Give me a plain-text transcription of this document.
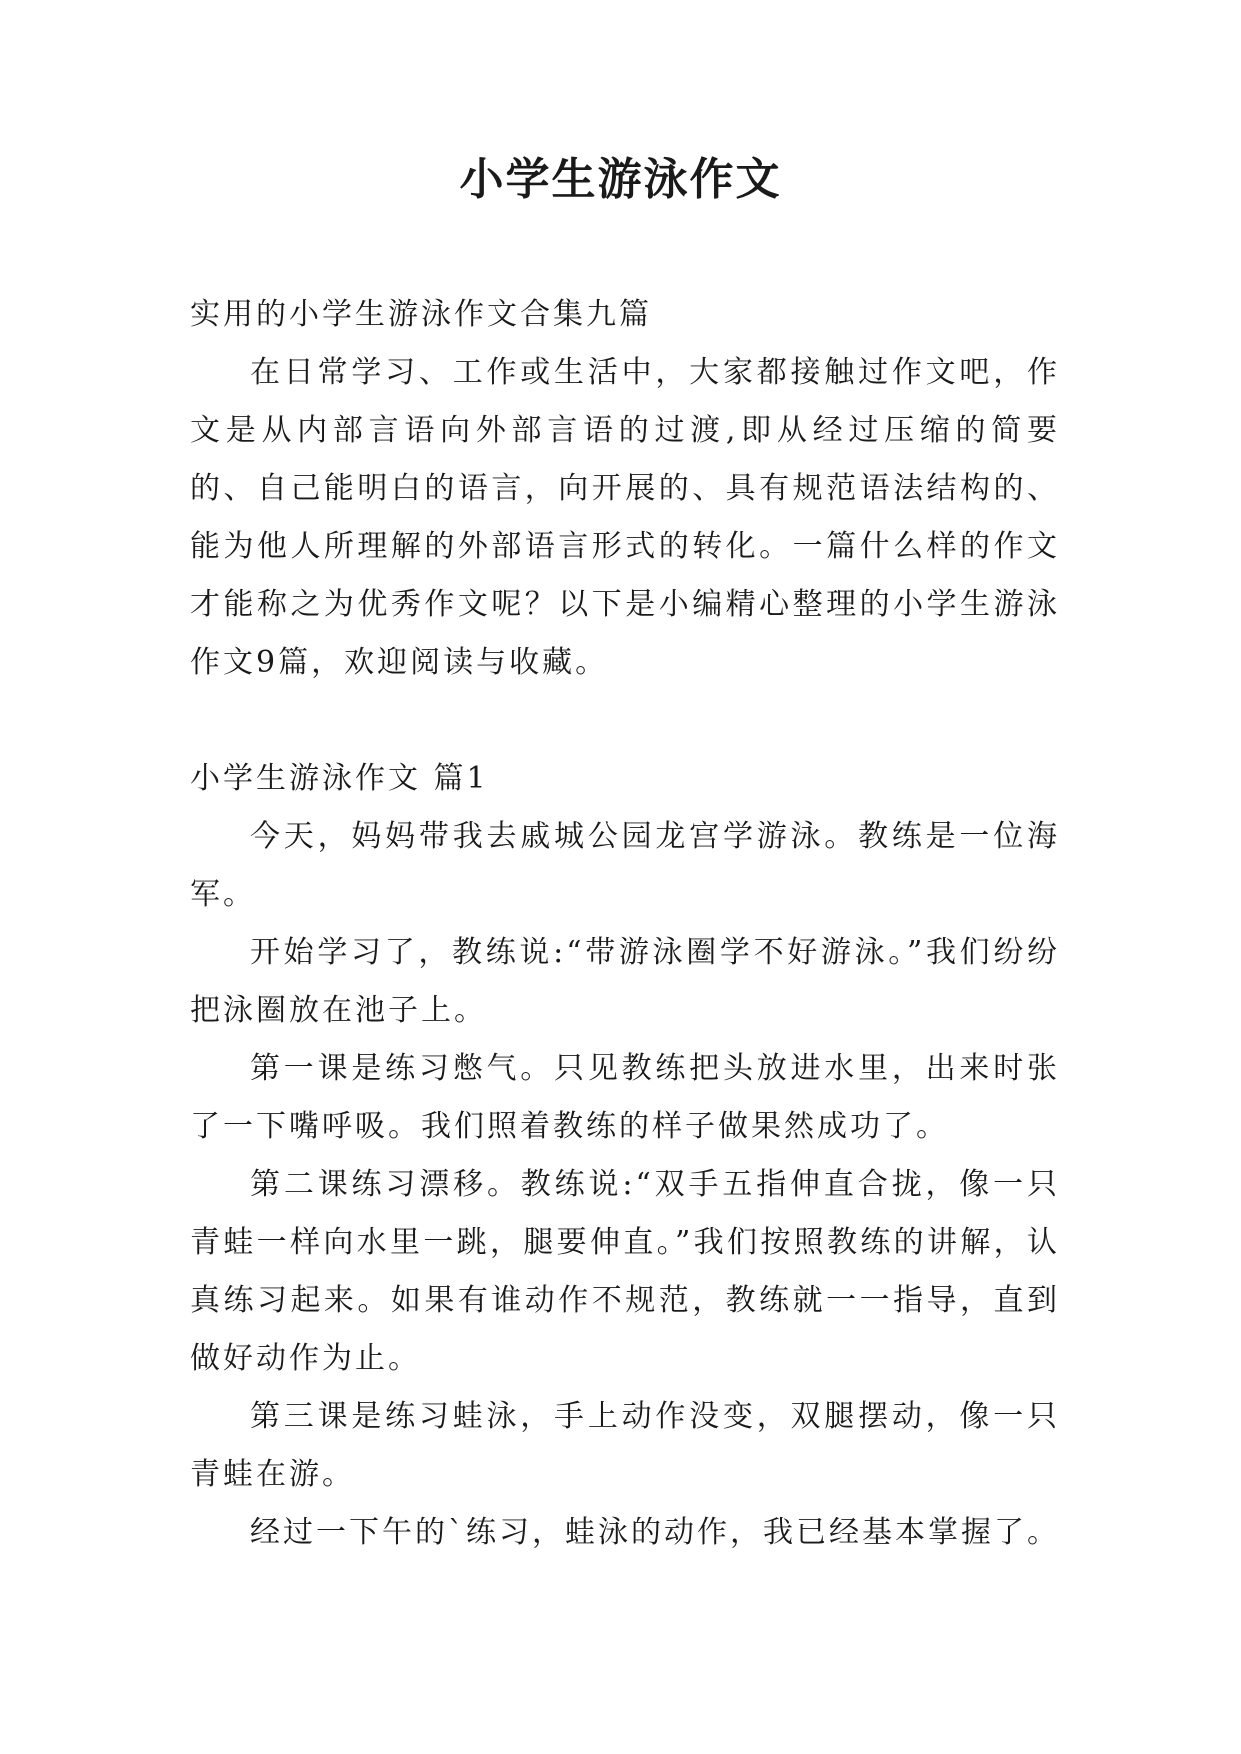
小学生游泳作文

实用的小学生游泳作文合集九篇

在日常学习、工作或生活中，大家都接触过作文吧，作文是从内部言语向外部言语的过渡,即从经过压缩的简要的、自己能明白的语言，向开展的、具有规范语法结构的、能为他人所理解的外部语言形式的转化。一篇什么样的作文才能称之为优秀作文呢？以下是小编精心整理的小学生游泳作文9篇，欢迎阅读与收藏。

小学生游泳作文 篇1

今天，妈妈带我去戚城公园龙宫学游泳。教练是一位海军。

开始学习了，教练说:“带游泳圈学不好游泳。”我们纷纷把泳圈放在池子上。

第一课是练习憋气。只见教练把头放进水里，出来时张了一下嘴呼吸。我们照着教练的样子做果然成功了。

第二课练习漂移。教练说:“双手五指伸直合拢，像一只青蛙一样向水里一跳，腿要伸直。”我们按照教练的讲解，认真练习起来。如果有谁动作不规范，教练就一一指导，直到做好动作为止。

第三课是练习蛙泳，手上动作没变，双腿摆动，像一只青蛙在游。

经过一下午的`练习，蛙泳的动作，我已经基本掌握了。
